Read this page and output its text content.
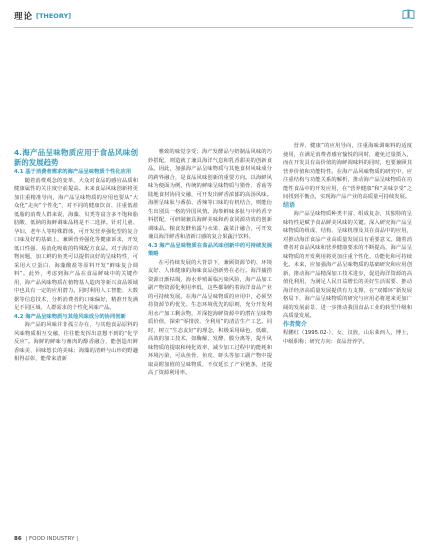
理论 [THEORY]

4.海产品呈味物质应用于食品风味创新的发展趋势

4.1 基于消费者需求的海产品呈味物质个性化应用

随着消费观念的变革，大众对食品的感官品质和健康属性的关注度空前提高。未来食品风味创新将更加注重精准导向，海产品呈味物质的应用也要从“大众化”走向“个性化”，对不同的健康饮食、注重低盐低脂的消费人群来说，海藻、贝类等富含多不饱和脂肪酸、低钠的海鲜调味品将是不二选择。针对儿童、孕妇、老年人等特殊群体，可开发营养强化型的复合口味及好的基础上，兼顾营养强化等健康诉求，开发低口性强、易消化吸收的特殊配方食品。对于海洋功物问题，加工鲜的鱼类可以提供良好的呈味特性，可采用大豆蛋白、海藻酸盐等原料开发“鲜味复合调料”。此外，考虑到海产品在食品鲜味中的关键作用，海产品风味物质在植物基人造肉等新兴食品领域中也具有一定的应用潜力。同时利用人工智能、大数据等信息技术，分析消费者的口味偏好，精准开发满足不同区域、人群需求的个性化风味产品。

4.2 海产品呈味物质与其他风味成分的协同创新

海产品的风味并非孤立存在，与其他食品原料的风味物质相互交融，往往能发挥出意想不到的“化学反应”。海鲜的鲜味与畜肉的醇香融合，能创造出鲜香味美、回味悠长的美味；海藻的清鲜与山珍的野趣相得益彰，能带来清新

雅致的味觉享受；海产发酵品与奶制品风味的巧妙搭配，则造就了兼具海洋气息和乳香甜美的创新食品。因此，加强海产品呈味物质与其他食材风味成分的跨界融合，是食品风味创新的重要方向。以海鲜风味为便面为例，传统的鲜味呈味物质与猪骨、香菇等陆地食材协同交融，可开发出鲜香浓郁的高汤风味。海胆呈味肽与番茄、香辣等口味的有机结合，则能衍生出别具一格的异国风情。海参鲜味多肽与中药香辛料搭配，可研制兼具海鲜美味和药食同源功效的创新调味品。粮食发酵鱼露与水果、蔬菜汁融合，可开发兼具海洋鲜香和清新口感的复合果蔬汁饮料。

4.3 海产品呈味物质在食品风味创新中的可持续发展策略

在可持续发展的大背景下，兼顾资源节约、环境友好、人体健康的海味食品创新势在必行。海洋捕捞资源日渐枯竭，海水养殖面临污染风险，海产品加工副产物资源化利用率低，这些都制约着海洋食品产业的可持续发展。在海产品呈味物质的应用中，必须坚持资源节约优先、生态环境优先的原则，充分开发利用水产加工剩余物，并深挖海鲜资源中的潜在呈味物质价值，探索“零排放、全利用”的清洁生产工艺。同时，树立“生态友好”的理念，积极采用绿色、低碳、高效的加工技术，如酶解、发酵、膜分离等，提升风味物质的提取和纯化效率，减少加工过程中的能耗和环境污染，可从鱼骨、鱼皮、虾头等加工副产物中提取高附加值的呈味物质，不仅延长了产业链条，还提高了资源利用率。

营养、健康”的应用导向，注重海味调味料的适度使用，在满足消费者感官愉悦的同时，避免过量摄入，而在开发具有高价值的海鲜调味料的同时，也要兼顾其营养价值和功能特性。在海产品风味物质的研究中，应注重结构与功能关系的解析，推动海产品呈味物质在功能性食品中的开发应用，在“营养健康”和“美味享受”之间找到平衡点，实现海产品产业的高质量可持续发展。

结语

海产品呈味物质种类丰富、组成复杂，其独特的呈味特性是赋予食品鲜美风味的关键。深入研究海产品呈味物质的组成、结构、呈味机理及其在食品中的应用，对推动海洋食品产业高质量发展具有重要意义。随着消费者对食品风味和营养健康要求的不断提高，海产品呈味物质的开发利用将更加注重个性化、功能化和可持续化。未来，应加强海产品呈味物质的基础研究和应用创新，推动海产品精深加工技术进步，促进海洋资源的高值化利用，为满足人民日益增长的美好生活需要、推动海洋经济高质量发展提供有力支撑。在“双循环”新发展格局下，海产品呈味物质的研究与应用必将迎来更加广阔的发展前景，进一步推动我国食品工业的转型升级和高质量发展。

作者简介

程鹏红（1995.02-），女，汉族，山东莱西人，博士，中级职称；研究方向：食品营养学。

86 | FOOD INDUSTRY |
